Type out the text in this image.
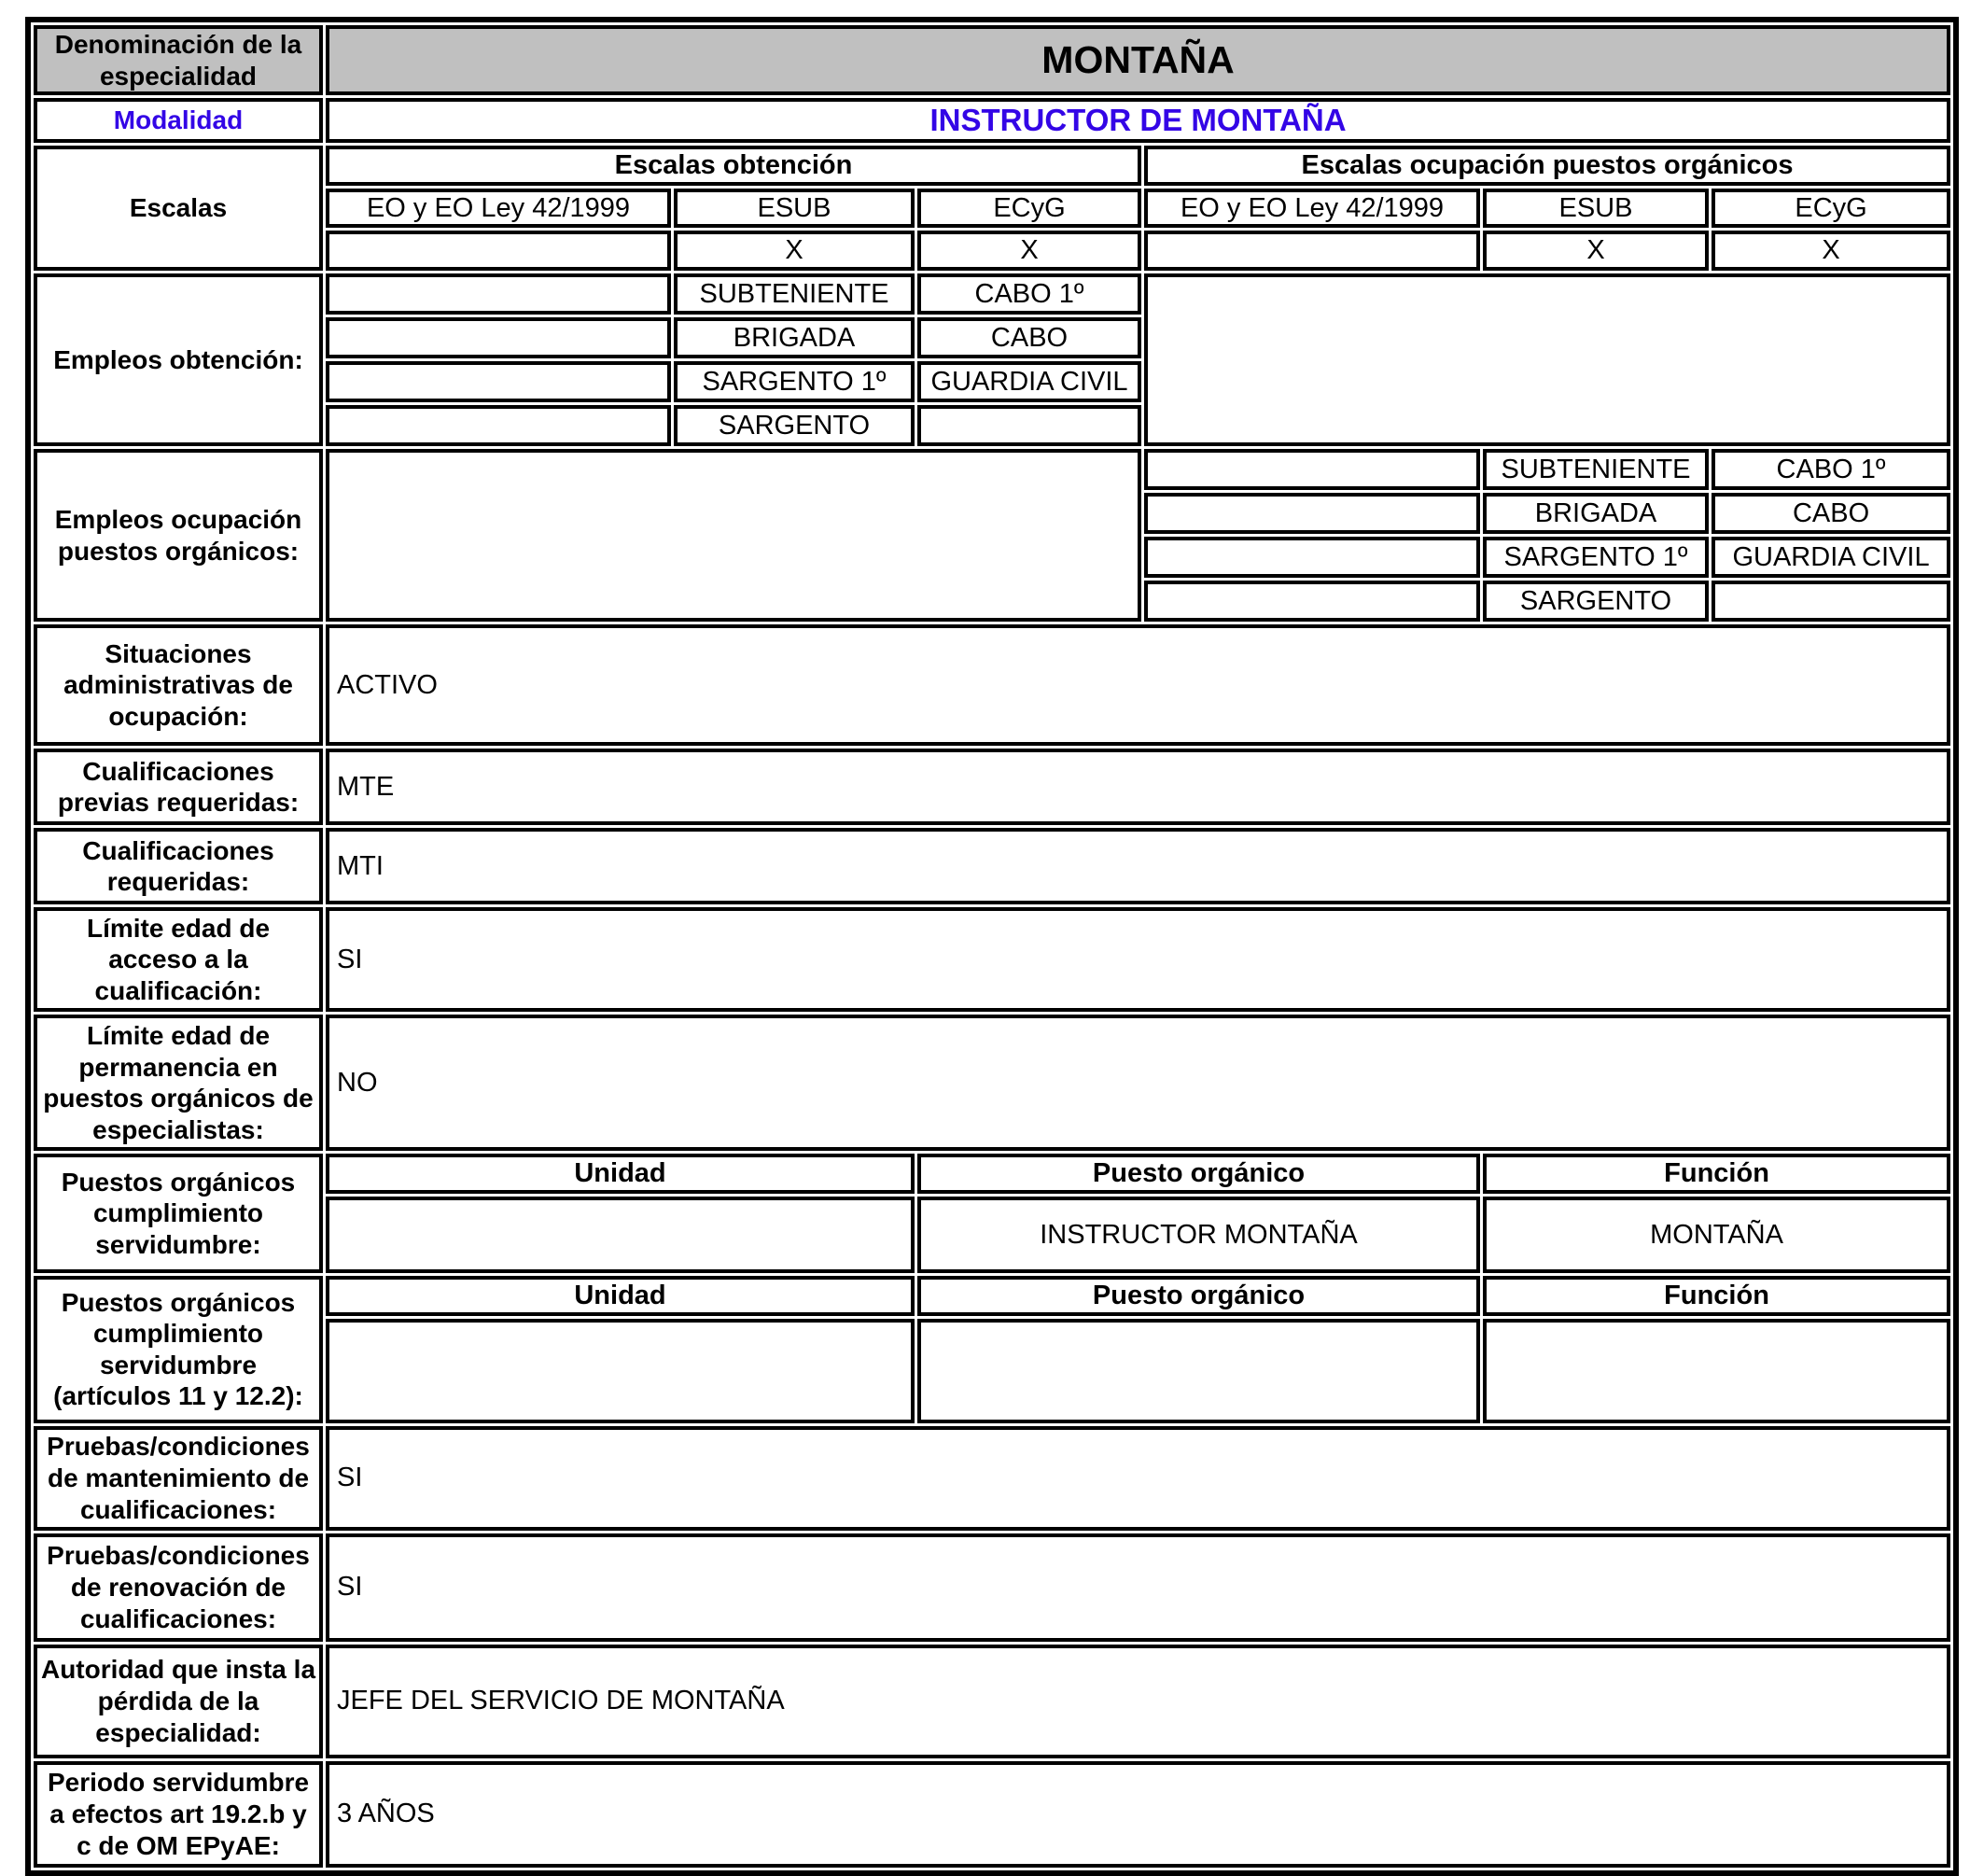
Denominación de la especialidad	MONTAÑA					
Modalidad	INSTRUCTOR DE MONTAÑA					
Escalas	Escalas obtención			Escalas ocupación puestos orgánicos		
	EO y EO Ley 42/1999	ESUB	ECyG	EO y EO Ley 42/1999	ESUB	ECyG
		X	X		X	X
Empleos obtención:		SUBTENIENTE	CABO 1º			
		BRIGADA	CABO			
		SARGENTO 1º	GUARDIA CIVIL			
		SARGENTO				
Empleos ocupación puestos orgánicos:					SUBTENIENTE	CABO 1º
					BRIGADA	CABO
					SARGENTO 1º	GUARDIA CIVIL
					SARGENTO	
Situaciones administrativas de ocupación:	ACTIVO					
Cualificaciones previas requeridas:	MTE					
Cualificaciones requeridas:	MTI					
Límite edad de acceso a la cualificación:	SI					
Límite edad de permanencia en puestos orgánicos de especialistas:	NO					
Puestos orgánicos cumplimiento servidumbre:	Unidad		Puesto orgánico		Función	
			INSTRUCTOR MONTAÑA		MONTAÑA	
Puestos orgánicos cumplimiento servidumbre (artículos 11 y 12.2):	Unidad		Puesto orgánico		Función	

Pruebas/condiciones de mantenimiento de cualificaciones:	SI					
Pruebas/condiciones de renovación de cualificaciones:	SI					
Autoridad que insta la pérdida de la especialidad:	JEFE DEL SERVICIO DE MONTAÑA					
Periodo servidumbre a efectos art 19.2.b y c de OM EPyAE:	3 AÑOS					
